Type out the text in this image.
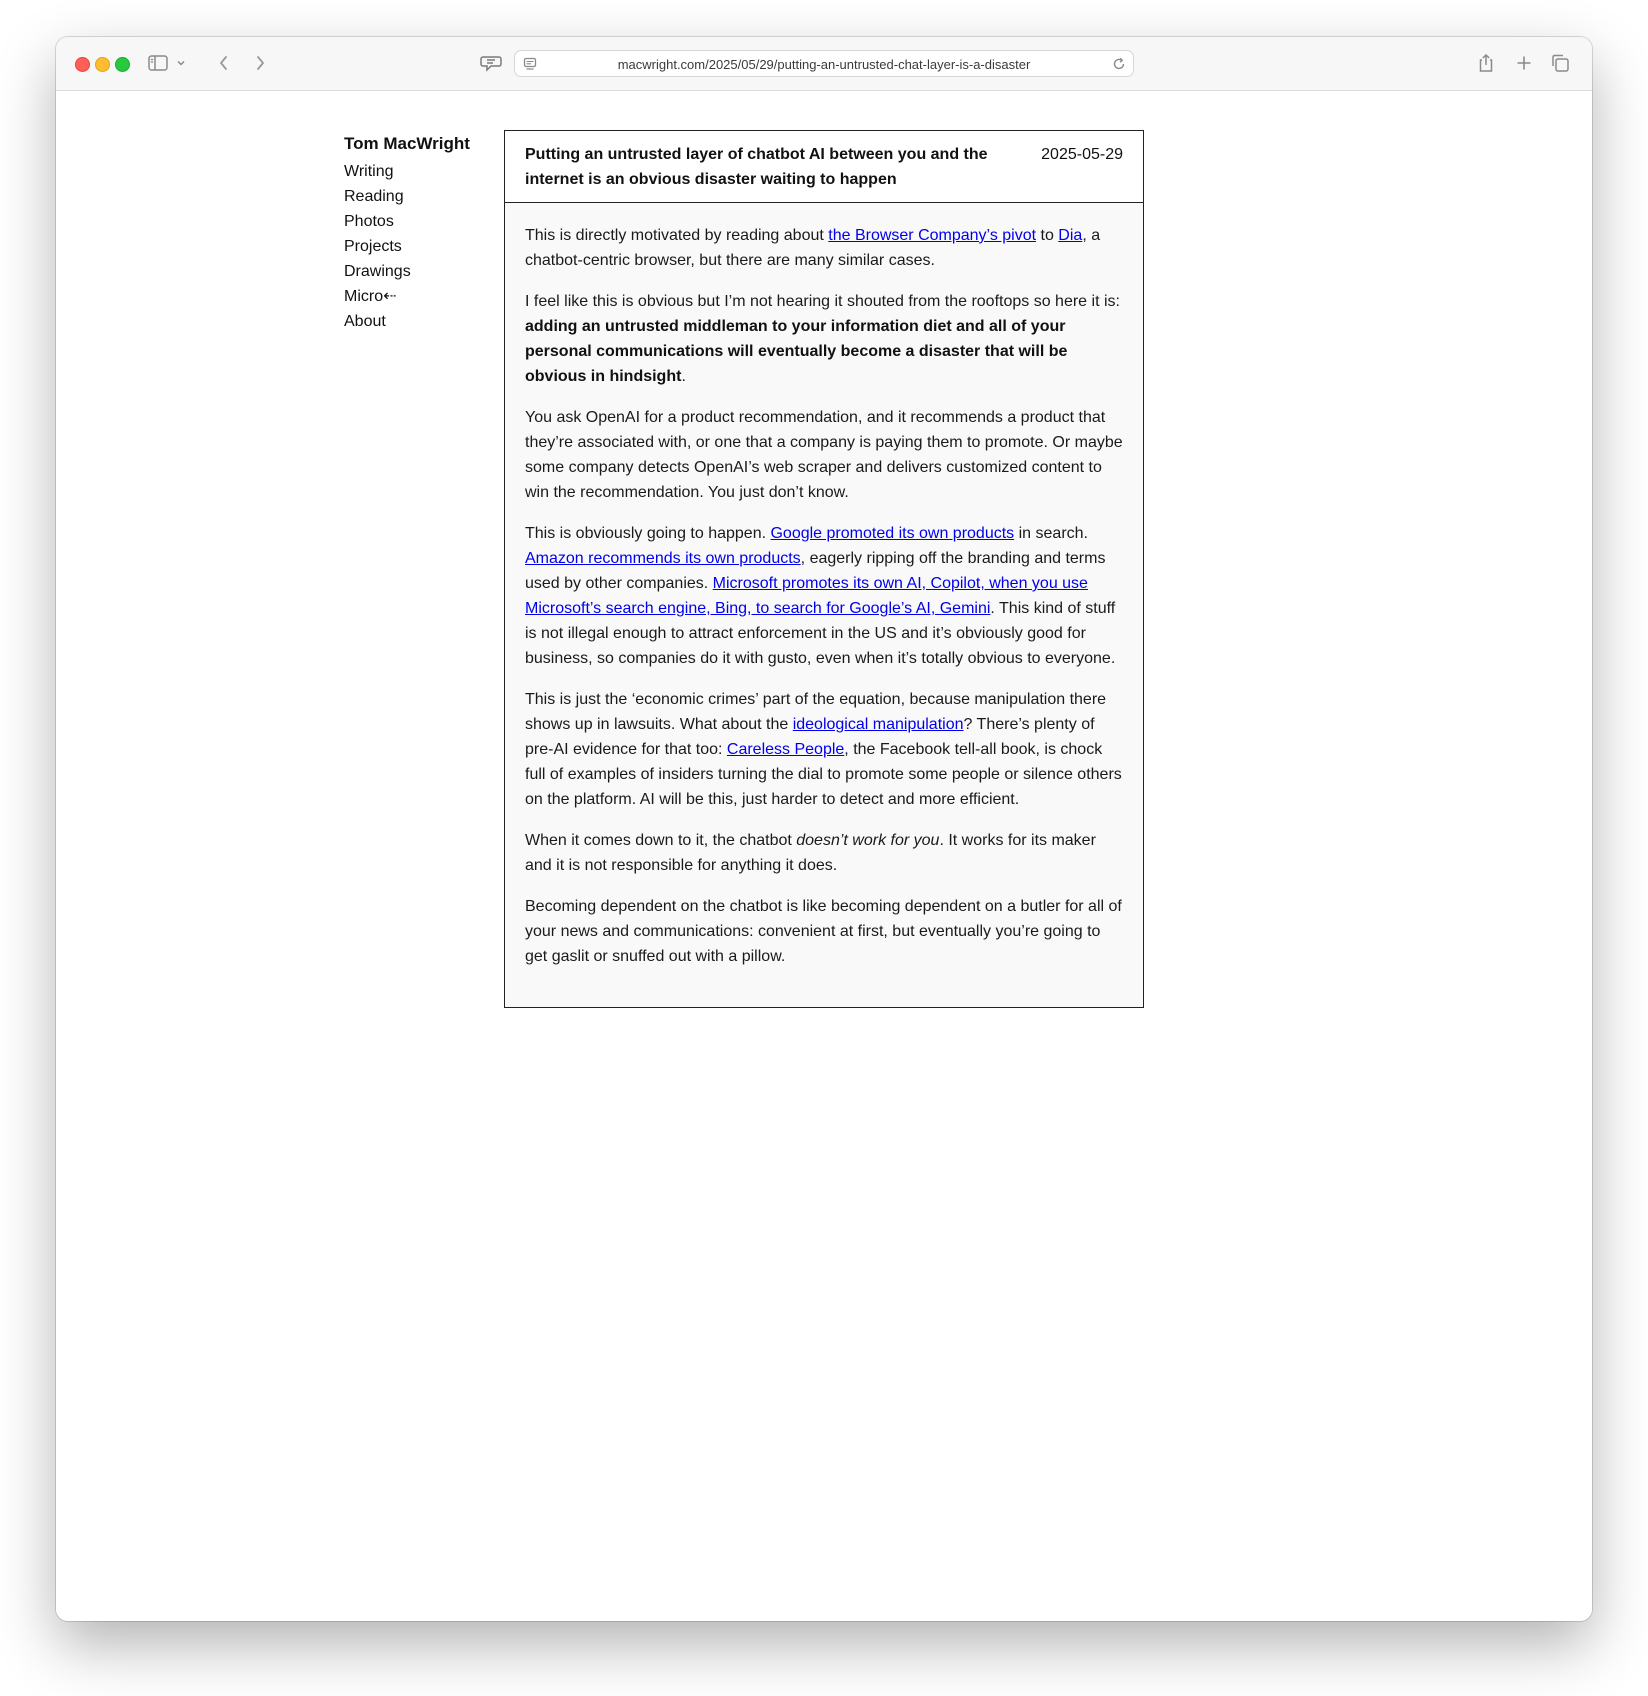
macwright.com/2025/05/29/putting-an-untrusted-chat-layer-is-a-disaster
Tom MacWright
Writing
Reading
Photos
Projects
Drawings
Micro⇠
About
Putting an untrusted layer of chatbot AI between you and the internet is an obvious disaster waiting to happen
2025-05-29

This is directly motivated by reading about the Browser Company’s pivot to Dia, a chatbot-centric browser, but there are many similar cases.

I feel like this is obvious but I’m not hearing it shouted from the rooftops so here it is: adding an untrusted middleman to your information diet and all of your personal communications will eventually become a disaster that will be obvious in hindsight.

You ask OpenAI for a product recommendation, and it recommends a product that they’re associated with, or one that a company is paying them to promote. Or maybe some company detects OpenAI’s web scraper and delivers customized content to win the recommendation. You just don’t know.

This is obviously going to happen. Google promoted its own products in search. Amazon recommends its own products, eagerly ripping off the branding and terms used by other companies. Microsoft promotes its own AI, Copilot, when you use Microsoft’s search engine, Bing, to search for Google’s AI, Gemini. This kind of stuff is not illegal enough to attract enforcement in the US and it’s obviously good for business, so companies do it with gusto, even when it’s totally obvious to everyone.

This is just the ‘economic crimes’ part of the equation, because manipulation there shows up in lawsuits. What about the ideological manipulation? There’s plenty of pre-AI evidence for that too: Careless People, the Facebook tell-all book, is chock full of examples of insiders turning the dial to promote some people or silence others on the platform. AI will be this, just harder to detect and more efficient.

When it comes down to it, the chatbot doesn’t work for you. It works for its maker and it is not responsible for anything it does.

Becoming dependent on the chatbot is like becoming dependent on a butler for all of your news and communications: convenient at first, but eventually you’re going to get gaslit or snuffed out with a pillow.
